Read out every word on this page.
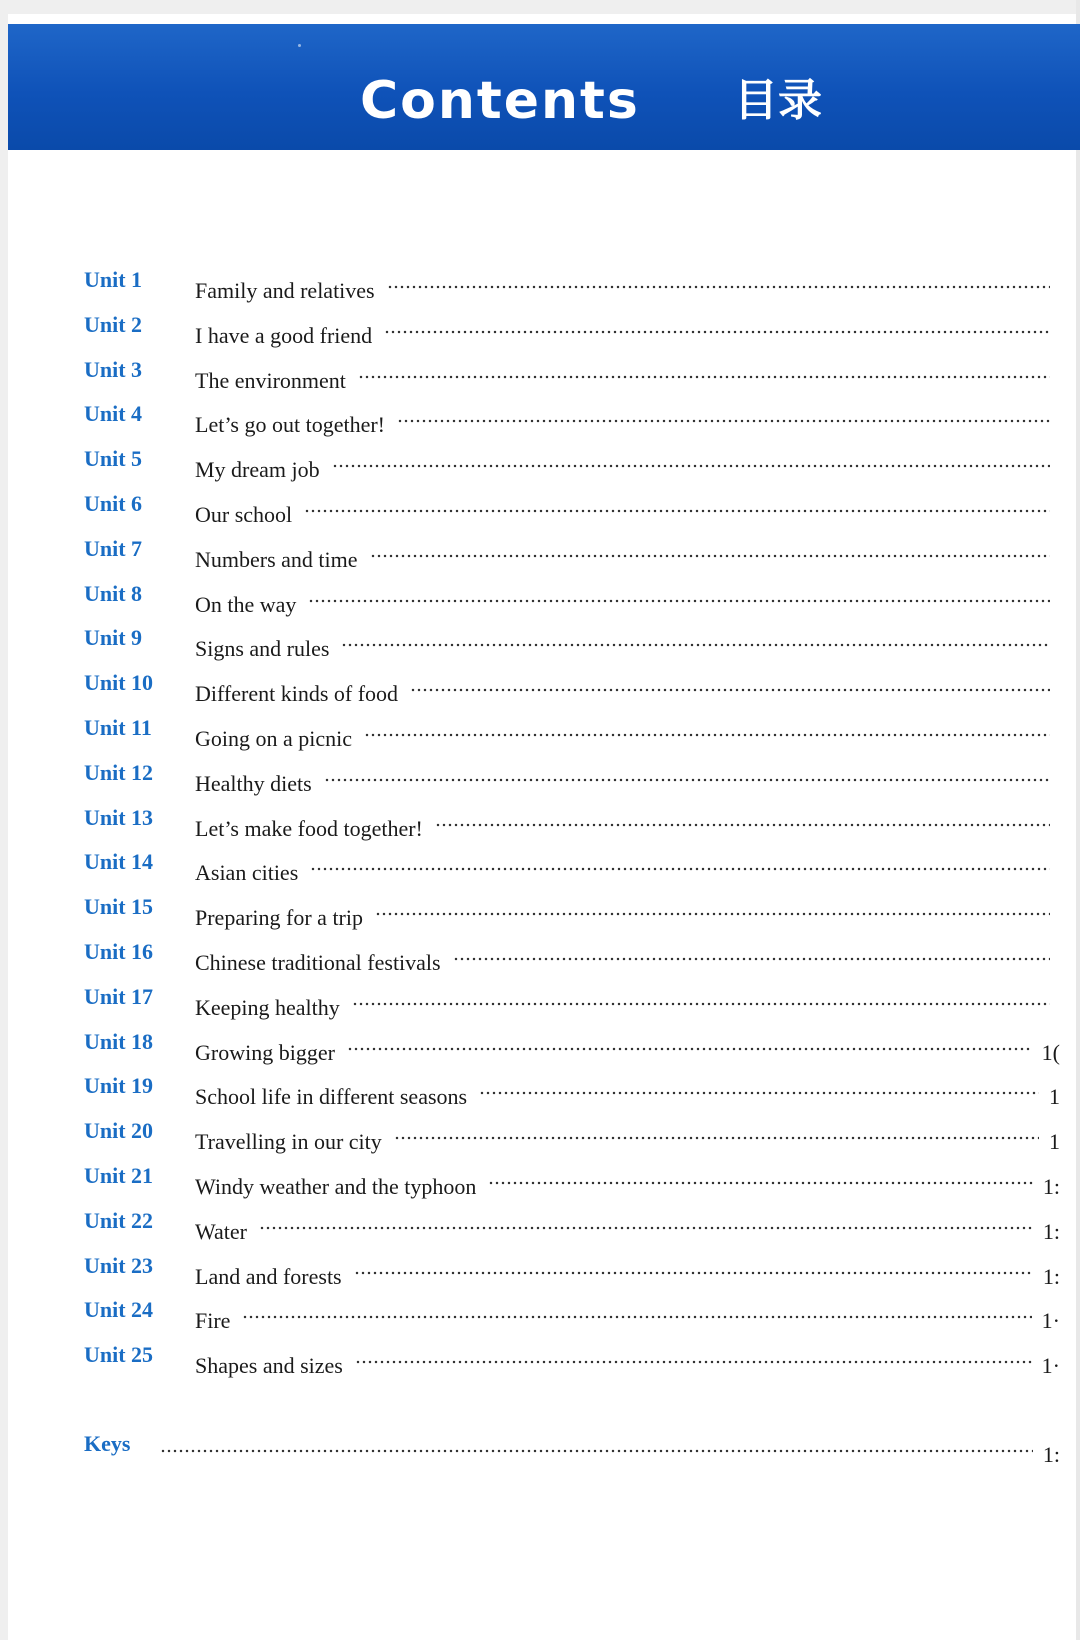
Contents 目录
Unit 1 Family and relatives
Unit 2 I have a good friend
Unit 3 The environment
Unit 4 Let’s go out together!
Unit 5 My dream job
Unit 6 Our school
Unit 7 Numbers and time
Unit 8 On the way
Unit 9 Signs and rules
Unit 10 Different kinds of food
Unit 11 Going on a picnic
Unit 12 Healthy diets
Unit 13 Let’s make food together!
Unit 14 Asian cities
Unit 15 Preparing for a trip
Unit 16 Chinese traditional festivals
Unit 17 Keeping healthy
Unit 18 Growing bigger	1(
Unit 19 School life in different seasons	1
Unit 20 Travelling in our city	1
Unit 21 Windy weather and the typhoon	1:
Unit 22 Water	1:
Unit 23 Land and forests	1:
Unit 24 Fire	1·
Unit 25 Shapes and sizes	1·
Keys	1:
